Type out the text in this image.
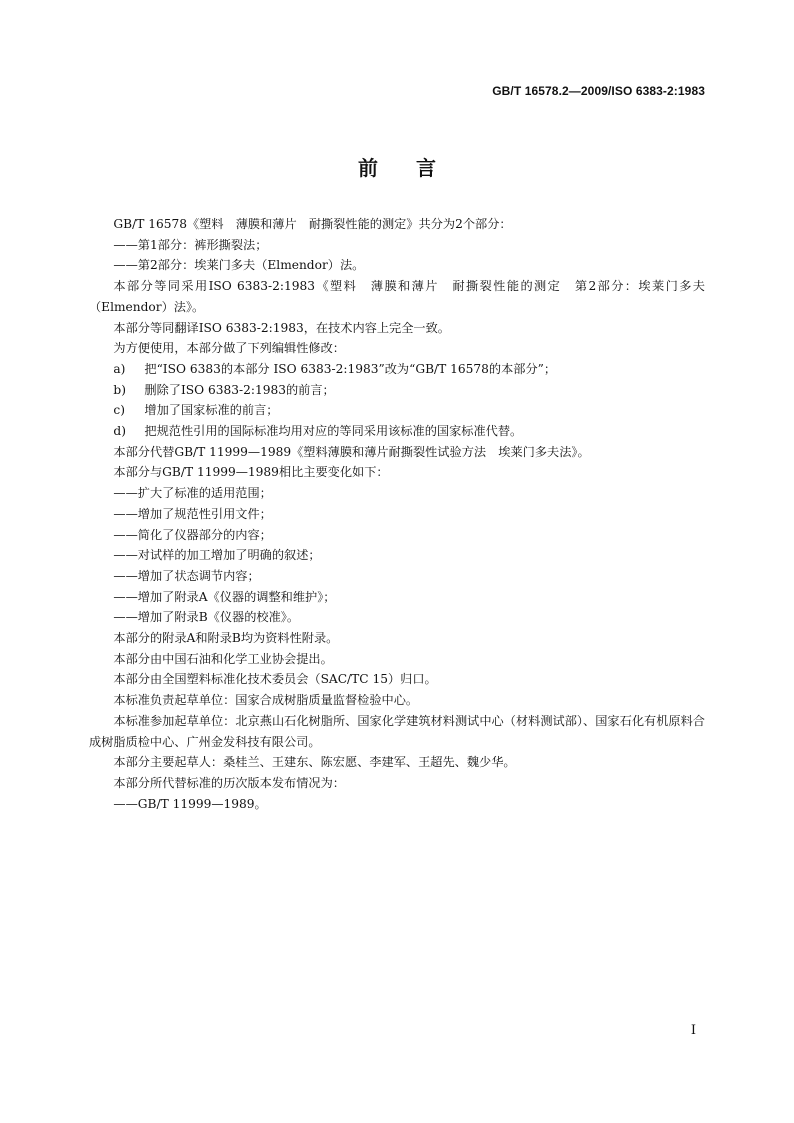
GB/T 16578.2—2009/ISO 6383-2:1983
前言

GB/T 16578《塑料　薄膜和薄片　耐撕裂性能的测定》共分为2个部分：

——第1部分：裤形撕裂法；

——第2部分：埃莱门多夫（Elmendor）法。

本部分等同采用ISO 6383-2:1983《塑料　薄膜和薄片　耐撕裂性能的测定　第2部分：埃莱门多夫（Elmendor）法》。

本部分等同翻译ISO 6383-2:1983，在技术内容上完全一致。

为方便使用，本部分做了下列编辑性修改：

a) 把“ISO 6383的本部分 ISO 6383-2:1983”改为“GB/T 16578的本部分”；

b) 删除了ISO 6383-2:1983的前言；

c) 增加了国家标准的前言；

d) 把规范性引用的国际标准均用对应的等同采用该标准的国家标准代替。

本部分代替GB/T 11999—1989《塑料薄膜和薄片耐撕裂性试验方法　埃莱门多夫法》。

本部分与GB/T 11999—1989相比主要变化如下：

——扩大了标准的适用范围；

——增加了规范性引用文件；

——简化了仪器部分的内容；

——对试样的加工增加了明确的叙述；

——增加了状态调节内容；

——增加了附录A《仪器的调整和维护》；

——增加了附录B《仪器的校准》。

本部分的附录A和附录B均为资料性附录。

本部分由中国石油和化学工业协会提出。

本部分由全国塑料标准化技术委员会（SAC/TC 15）归口。

本标准负责起草单位：国家合成树脂质量监督检验中心。

本标准参加起草单位：北京燕山石化树脂所、国家化学建筑材料测试中心（材料测试部）、国家石化有机原料合成树脂质检中心、广州金发科技有限公司。

本部分主要起草人：桑桂兰、王建东、陈宏愿、李建军、王超先、魏少华。

本部分所代替标准的历次版本发布情况为：

——GB/T 11999—1989。

I
